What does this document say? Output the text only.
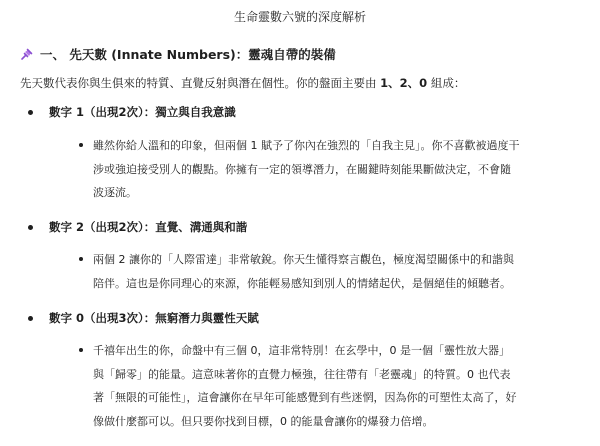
生命靈數六號的深度解析
一、 先天數 (Innate Numbers)：靈魂自帶的裝備
先天數代表你與生俱來的特質、直覺反射與潛在個性。你的盤面主要由 1、2、0 組成：
數字 1（出現2次）：獨立與自我意識
雖然你給人溫和的印象，但兩個 1 賦予了你內在強烈的「自我主見」。你不喜歡被過度干
涉或強迫接受別人的觀點。你擁有一定的領導潛力，在關鍵時刻能果斷做決定，不會隨
波逐流。
數字 2（出現2次）：直覺、溝通與和諧
兩個 2 讓你的「人際雷達」非常敏銳。你天生懂得察言觀色，極度渴望關係中的和諧與
陪伴。這也是你同理心的來源，你能輕易感知到別人的情緒起伏，是個絕佳的傾聽者。
數字 0（出現3次）：無窮潛力與靈性天賦
千禧年出生的你，命盤中有三個 0，這非常特別！在玄學中，0 是一個「靈性放大器」
與「歸零」的能量。這意味著你的直覺力極強，往往帶有「老靈魂」的特質。0 也代表
著「無限的可能性」，這會讓你在早年可能感覺到有些迷惘，因為你的可塑性太高了，好
像做什麼都可以。但只要你找到目標，0 的能量會讓你的爆發力倍增。
